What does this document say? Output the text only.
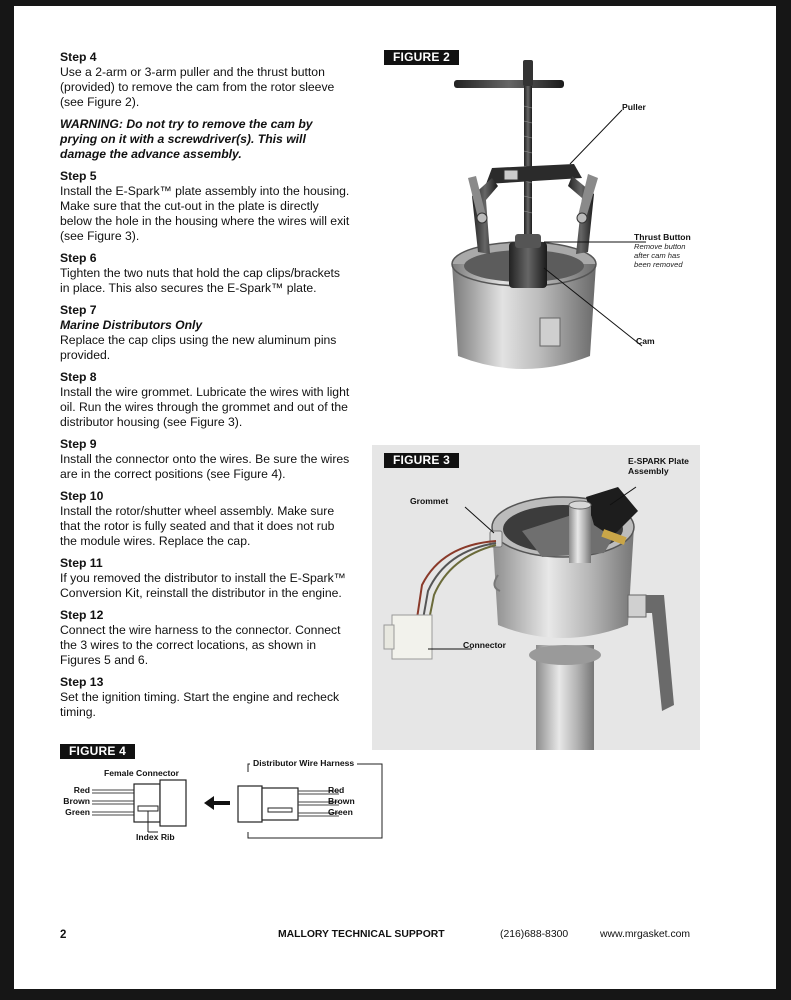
Step 4
Use a 2-arm or 3-arm puller and the thrust button
(provided) to remove the cam from the rotor sleeve
(see Figure 2).
WARNING: Do not try to remove the cam by
prying on it with a screwdriver(s). This will
damage the advance assembly.
Step 5
Install the E-Spark™ plate assembly into the housing.
Make sure that the cut-out in the plate is directly
below the hole in the housing where the wires will exit
(see Figure 3).
Step 6
Tighten the two nuts that hold the cap clips/brackets
in place. This also secures the E-Spark™ plate.
Step 7
Marine Distributors Only
Replace the cap clips using the new aluminum pins
provided.
Step 8
Install the wire grommet. Lubricate the wires with light
oil. Run the wires through the grommet and out of the
distributor housing (see Figure 3).
Step 9
Install the connector onto the wires. Be sure the wires
are in the correct positions (see Figure 4).
Step 10
Install the rotor/shutter wheel assembly. Make sure
that the rotor is fully seated and that it does not rub
the module wires. Replace the cap.
Step 11
If you removed the distributor to install the E-Spark™
Conversion Kit, reinstall the distributor in the engine.
Step 12
Connect the wire harness to the connector. Connect
the 3 wires to the correct locations, as shown in
Figures 5 and 6.
Step 13
Set the ignition timing. Start the engine and recheck
timing.
FIGURE 2
Puller
Thrust Button
Remove button
after cam has
been removed
Cam
FIGURE 3	E-SPARK Plate
Assembly
Grommet
Connector
FIGURE 4
Female Connector
Distributor Wire Harness
Red
Brown
Green
Red
Brown
Green
Index Rib
2	MALLORY TECHNICAL SUPPORT	(216)688-8300	www.mrgasket.com
